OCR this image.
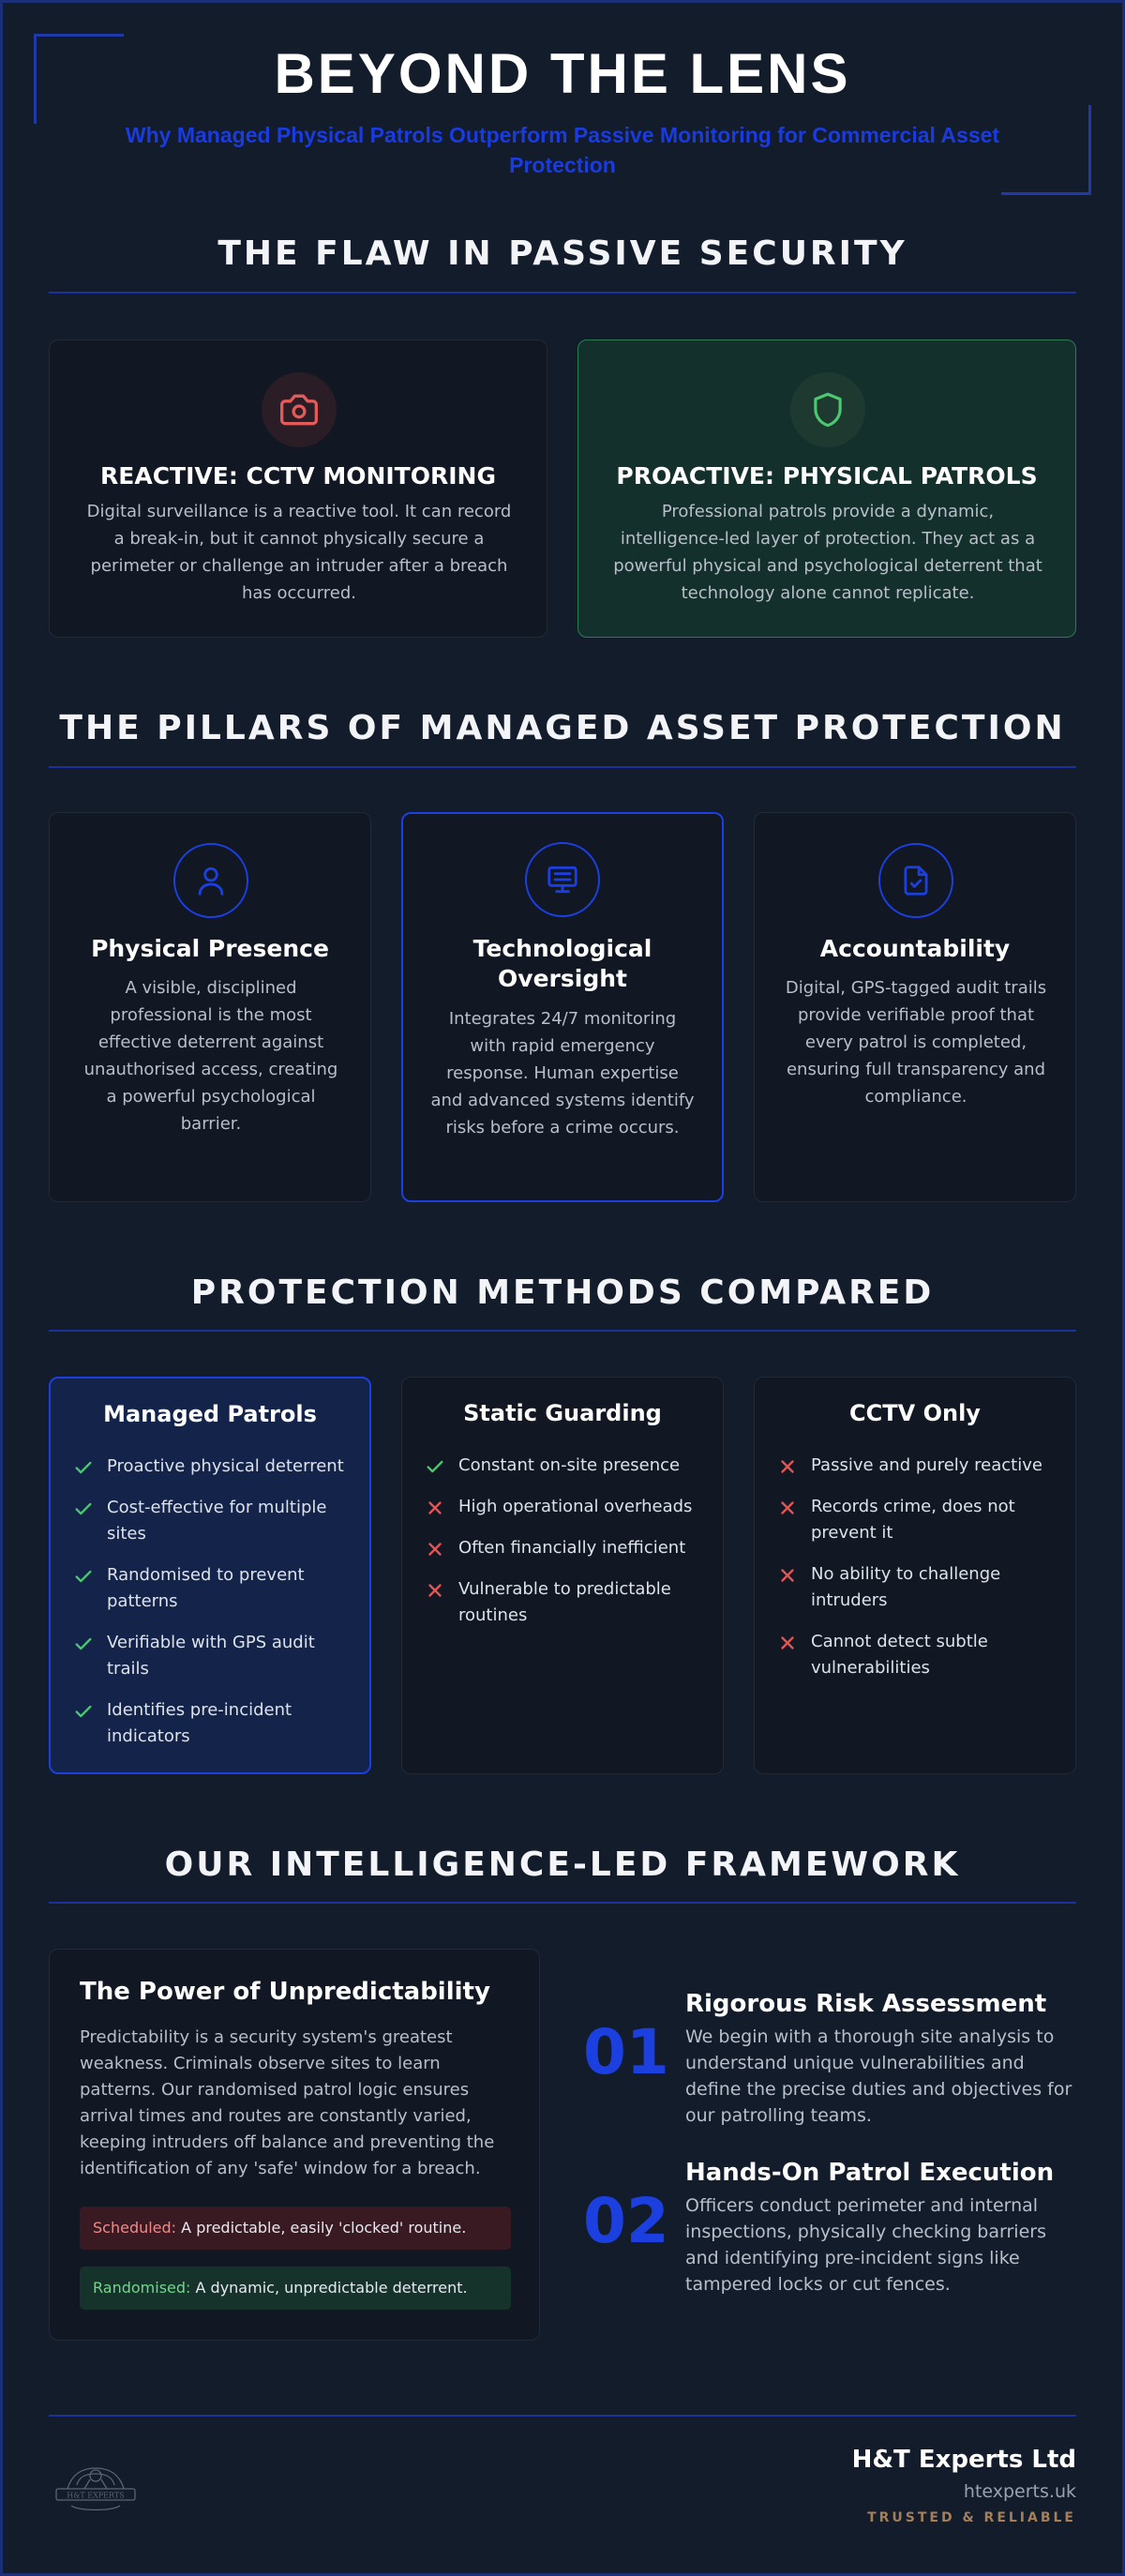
BEYOND THE LENS
Why Managed Physical Patrols Outperform Passive Monitoring for Commercial Asset Protection
THE FLAW IN PASSIVE SECURITY
REACTIVE: CCTV MONITORING
Digital surveillance is a reactive tool. It can record a break-in, but it cannot physically secure a perimeter or challenge an intruder after a breach has occurred.
PROACTIVE: PHYSICAL PATROLS
Professional patrols provide a dynamic, intelligence-led layer of protection. They act as a powerful physical and psychological deterrent that technology alone cannot replicate.
THE PILLARS OF MANAGED ASSET PROTECTION
Physical Presence
A visible, disciplined professional is the most effective deterrent against unauthorised access, creating a powerful psychological barrier.
Technological Oversight
Integrates 24/7 monitoring with rapid emergency response. Human expertise and advanced systems identify risks before a crime occurs.
Accountability
Digital, GPS-tagged audit trails provide verifiable proof that every patrol is completed, ensuring full transparency and compliance.
PROTECTION METHODS COMPARED
Managed Patrols
Proactive physical deterrent
Cost-effective for multiple sites
Randomised to prevent patterns
Verifiable with GPS audit trails
Identifies pre-incident indicators
Static Guarding
Constant on-site presence
High operational overheads
Often financially inefficient
Vulnerable to predictable routines
CCTV Only
Passive and purely reactive
Records crime, does not prevent it
No ability to challenge intruders
Cannot detect subtle vulnerabilities
OUR INTELLIGENCE-LED FRAMEWORK
The Power of Unpredictability
Predictability is a security system's greatest weakness. Criminals observe sites to learn patterns. Our randomised patrol logic ensures arrival times and routes are constantly varied, keeping intruders off balance and preventing the identification of any 'safe' window for a breach.
Scheduled: A predictable, easily 'clocked' routine.
Randomised: A dynamic, unpredictable deterrent.
01
Rigorous Risk Assessment
We begin with a thorough site analysis to understand unique vulnerabilities and define the precise duties and objectives for our patrolling teams.
02
Hands-On Patrol Execution
Officers conduct perimeter and internal inspections, physically checking barriers and identifying pre-incident signs like tampered locks or cut fences.
H&T EXPERTS
H&T Experts Ltd
htexperts.uk
TRUSTED & RELIABLE
